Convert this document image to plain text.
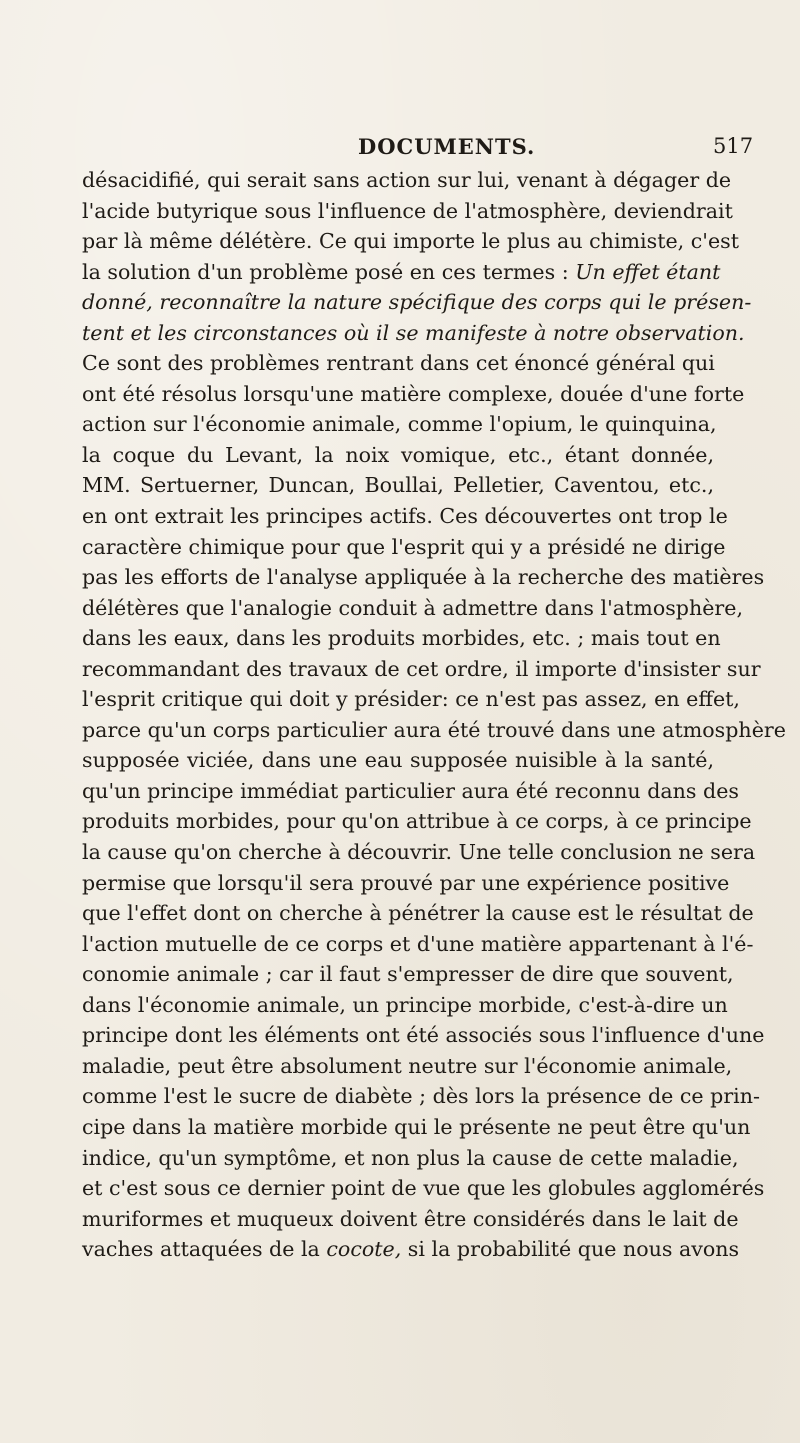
DOCUMENTS.	517
désacidifié, qui serait sans action sur lui, venant à dégager de
l'acide butyrique sous l'influence de l'atmosphère, deviendrait
par là même délétère. Ce qui importe le plus au chimiste, c'est
la solution d'un problème posé en ces termes : Un effet étant
donné, reconnaître la nature spécifique des corps qui le présen-
tent et les circonstances où il se manifeste à notre observation.
Ce sont des problèmes rentrant dans cet énoncé général qui
ont été résolus lorsqu'une matière complexe, douée d'une forte
action sur l'économie animale, comme l'opium, le quinquina,
la coque du Levant, la noix vomique, etc., étant donnée,
MM. Sertuerner, Duncan, Boullai, Pelletier, Caventou, etc.,
en ont extrait les principes actifs. Ces découvertes ont trop le
caractère chimique pour que l'esprit qui y a présidé ne dirige
pas les efforts de l'analyse appliquée à la recherche des matières
délétères que l'analogie conduit à admettre dans l'atmosphère,
dans les eaux, dans les produits morbides, etc. ; mais tout en
recommandant des travaux de cet ordre, il importe d'insister sur
l'esprit critique qui doit y présider: ce n'est pas assez, en effet,
parce qu'un corps particulier aura été trouvé dans une atmosphère
supposée viciée, dans une eau supposée nuisible à la santé,
qu'un principe immédiat particulier aura été reconnu dans des
produits morbides, pour qu'on attribue à ce corps, à ce principe
la cause qu'on cherche à découvrir. Une telle conclusion ne sera
permise que lorsqu'il sera prouvé par une expérience positive
que l'effet dont on cherche à pénétrer la cause est le résultat de
l'action mutuelle de ce corps et d'une matière appartenant à l'é-
conomie animale ; car il faut s'empresser de dire que souvent,
dans l'économie animale, un principe morbide, c'est-à-dire un
principe dont les éléments ont été associés sous l'influence d'une
maladie, peut être absolument neutre sur l'économie animale,
comme l'est le sucre de diabète ; dès lors la présence de ce prin-
cipe dans la matière morbide qui le présente ne peut être qu'un
indice, qu'un symptôme, et non plus la cause de cette maladie,
et c'est sous ce dernier point de vue que les globules agglomérés
muriformes et muqueux doivent être considérés dans le lait de
vaches attaquées de la cocote, si la probabilité que nous avons
